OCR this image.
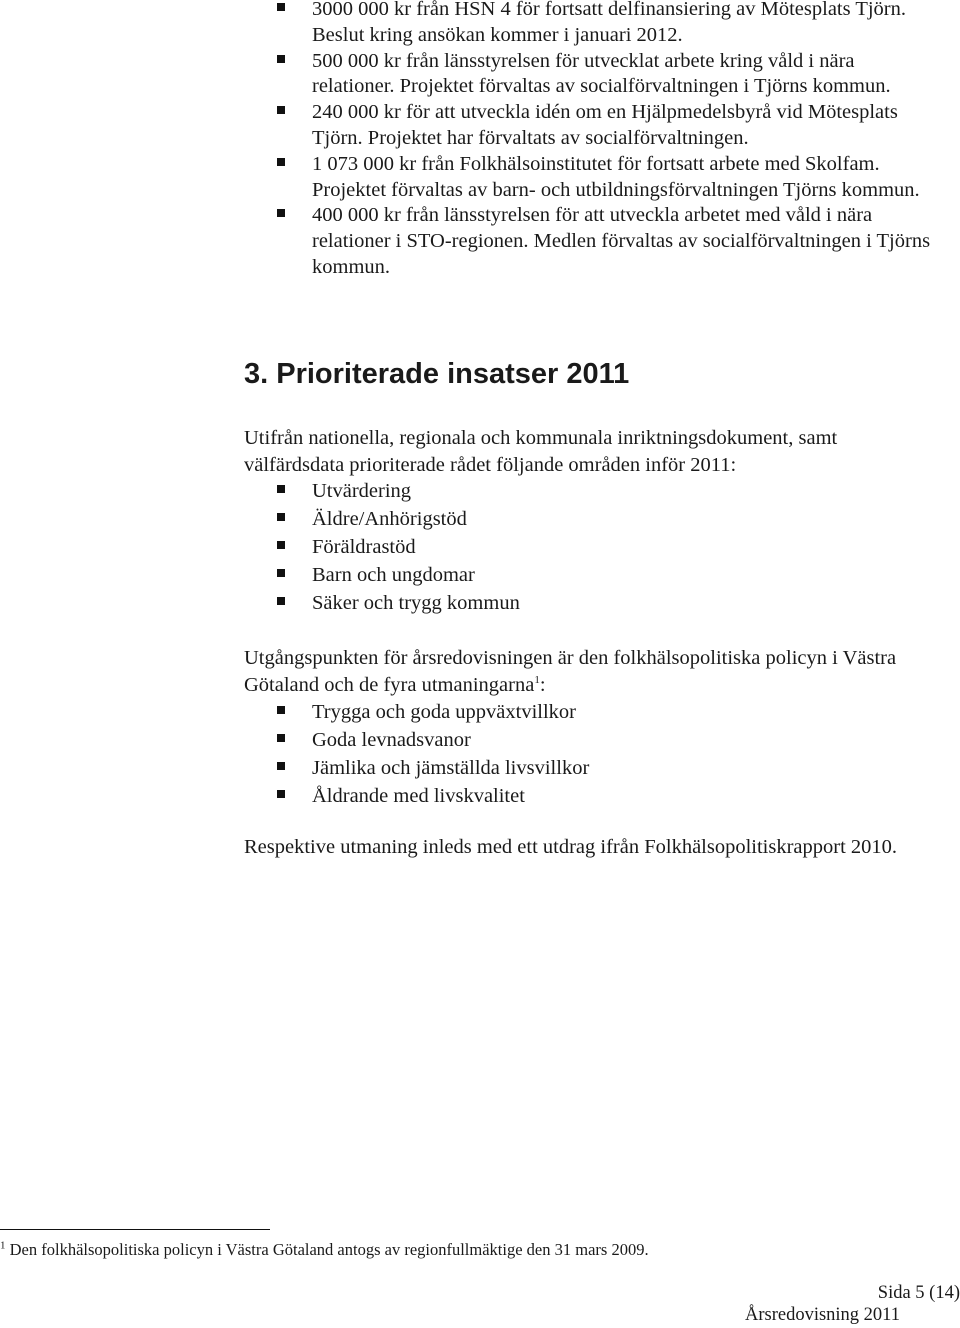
3000 000 kr från HSN 4 för fortsatt delfinansiering av Mötesplats Tjörn. Beslut kring ansökan kommer i januari 2012.
500 000 kr från länsstyrelsen för utvecklat arbete kring våld i nära relationer. Projektet förvaltas av socialförvaltningen i Tjörns kommun.
240 000 kr för att utveckla idén om en Hjälpmedelsbyrå vid Mötesplats Tjörn. Projektet har förvaltats av socialförvaltningen.
1 073 000 kr från Folkhälsoinstitutet för fortsatt arbete med Skolfam. Projektet förvaltas av barn- och utbildningsförvaltningen Tjörns kommun.
400 000 kr från länsstyrelsen för att utveckla arbetet med våld i nära relationer i STO-regionen. Medlen förvaltas av socialförvaltningen i Tjörns kommun.
3. Prioriterade insatser 2011

Utifrån nationella, regionala och kommunala inriktningsdokument, samt välfärdsdata prioriterade rådet följande områden inför 2011:

Utvärdering
Äldre/Anhörigstöd
Föräldrastöd
Barn och ungdomar
Säker och trygg kommun

Utgångspunkten för årsredovisningen är den folkhälsopolitiska policyn i Västra Götaland och de fyra utmaningarna$^1$:

Trygga och goda uppväxtvillkor
Goda levnadsvanor
Jämlika och jämställda livsvillkor
Åldrande med livskvalitet

Respektive utmaning inleds med ett utdrag ifrån Folkhälsopolitiskrapport 2010.

$^1$ Den folkhälsopolitiska policyn i Västra Götaland antogs av regionfullmäktige den 31 mars 2009.

Sida 5 (14)
Årsredovisning 2011
